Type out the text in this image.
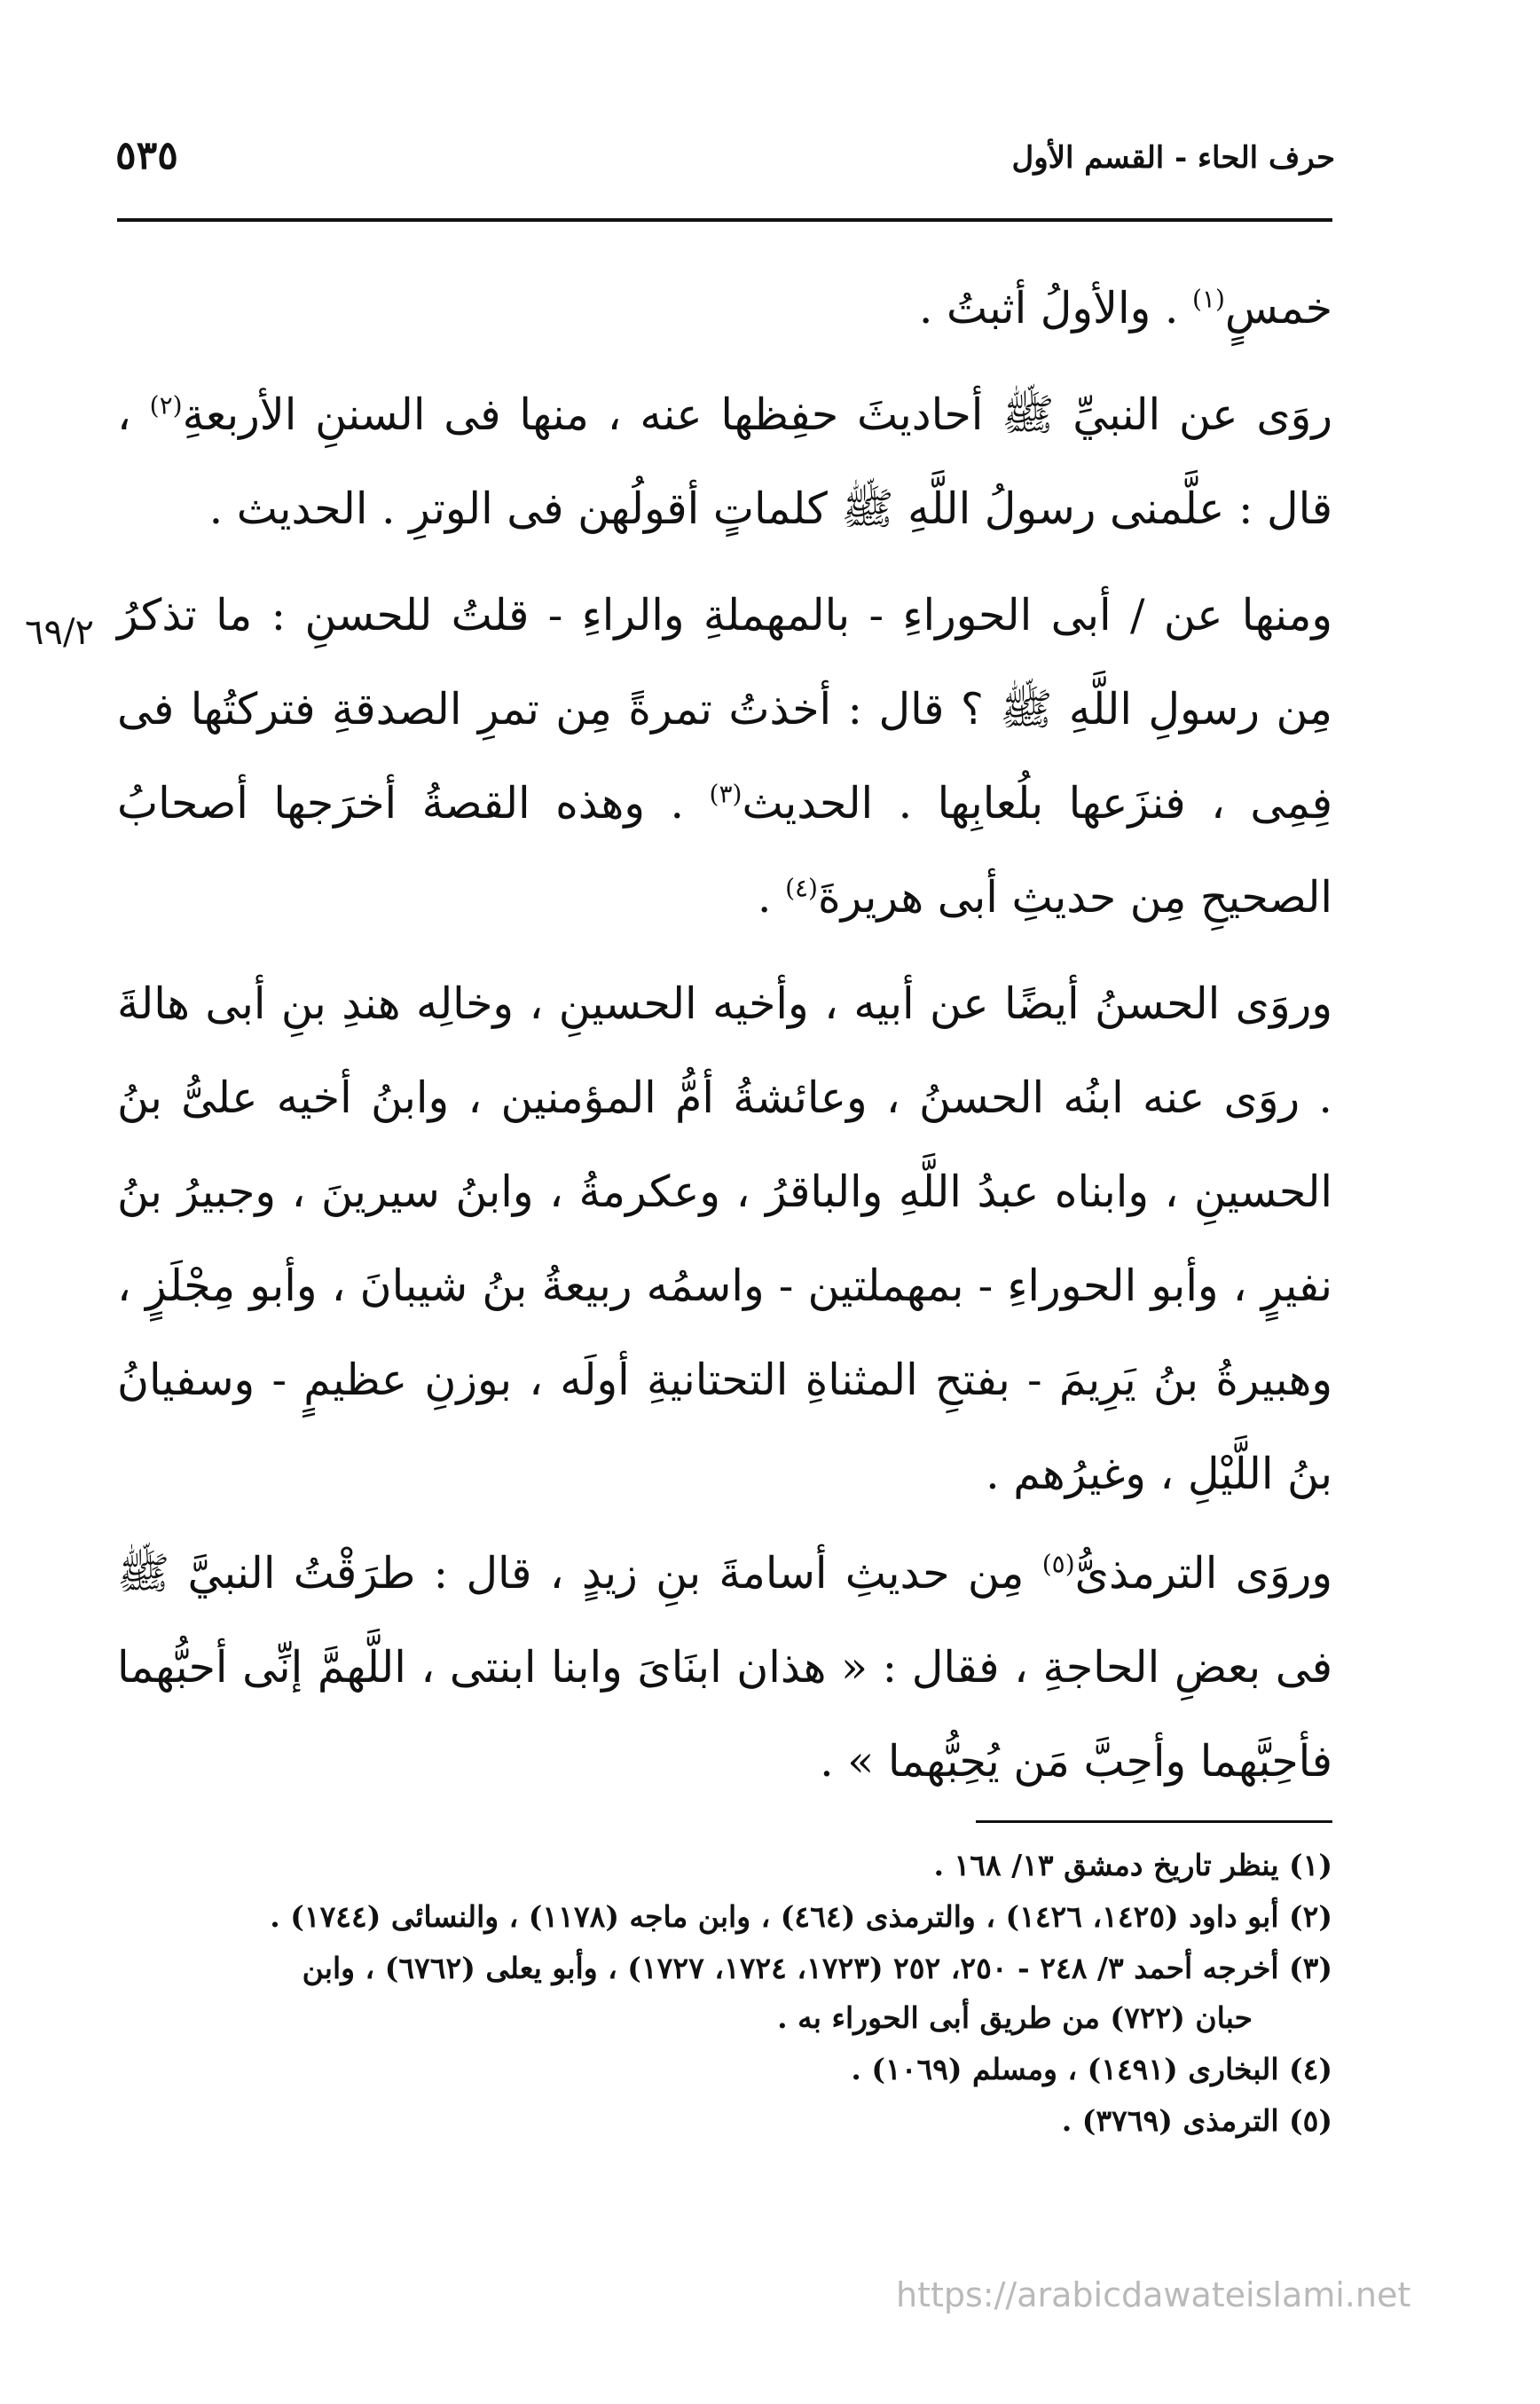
حرف الحاء - القسم الأول
٥٣٥
٦٩/٢

خمسٍ$^{(١)}$ . والأولُ أثبتُ .

روَى عن النبيِّ ﷺ أحاديثَ حفِظها عنه ، منها فى السننِ الأربعةِ$^{(٢)}$ ، قال : علَّمنى رسولُ اللَّهِ ﷺ كلماتٍ أقولُهن فى الوترِ . الحديث .

ومنها عن / أبى الحوراءِ - بالمهملةِ والراءِ - قلتُ للحسنِ : ما تذكرُ مِن رسولِ اللَّهِ ﷺ ؟ قال : أخذتُ تمرةً مِن تمرِ الصدقةِ فتركتُها فى فِمِى ، فنزَعها بلُعابِها . الحديث$^{(٣)}$ . وهذه القصةُ أخرَجها أصحابُ الصحيحِ مِن حديثِ أبى هريرةَ$^{(٤)}$ .

وروَى الحسنُ أيضًا عن أبيه ، وأخيه الحسينِ ، وخالِه هندِ بنِ أبى هالةَ . روَى عنه ابنُه الحسنُ ، وعائشةُ أمُّ المؤمنين ، وابنُ أخيه علىُّ بنُ الحسينِ ، وابناه عبدُ اللَّهِ والباقرُ ، وعكرمةُ ، وابنُ سيرينَ ، وجبيرُ بنُ نفيرٍ ، وأبو الحوراءِ - بمهملتين - واسمُه ربيعةُ بنُ شيبانَ ، وأبو مِجْلَزٍ ، وهبيرةُ بنُ يَرِيمَ - بفتحِ المثناةِ التحتانيةِ أولَه ، بوزنِ عظيمٍ - وسفيانُ بنُ اللَّيْلِ ، وغيرُهم .

وروَى الترمذىُّ$^{(٥)}$ مِن حديثِ أسامةَ بنِ زيدٍ ، قال : طرَقْتُ النبيَّ ﷺ فى بعضِ الحاجةِ ، فقال : « هذان ابنَاىَ وابنا ابنتى ، اللَّهمَّ إنِّى أحبُّهما فأحِبَّهما وأحِبَّ مَن يُحِبُّهما » .

(١) ينظر تاريخ دمشق ١٣/ ١٦٨ .
(٢) أبو داود (١٤٢٥، ١٤٢٦) ، والترمذى (٤٦٤) ، وابن ماجه (١١٧٨) ، والنسائى (١٧٤٤) .
(٣) أخرجه أحمد ٣/ ٢٤٨ - ٢٥٠، ٢٥٢ (١٧٢٣، ١٧٢٤، ١٧٢٧) ، وأبو يعلى (٦٧٦٢) ، وابن
حبان (٧٢٢) من طريق أبى الحوراء به .
(٤) البخارى (١٤٩١) ، ومسلم (١٠٦٩) .
(٥) الترمذى (٣٧٦٩) .
https://arabicdawateislami.net
